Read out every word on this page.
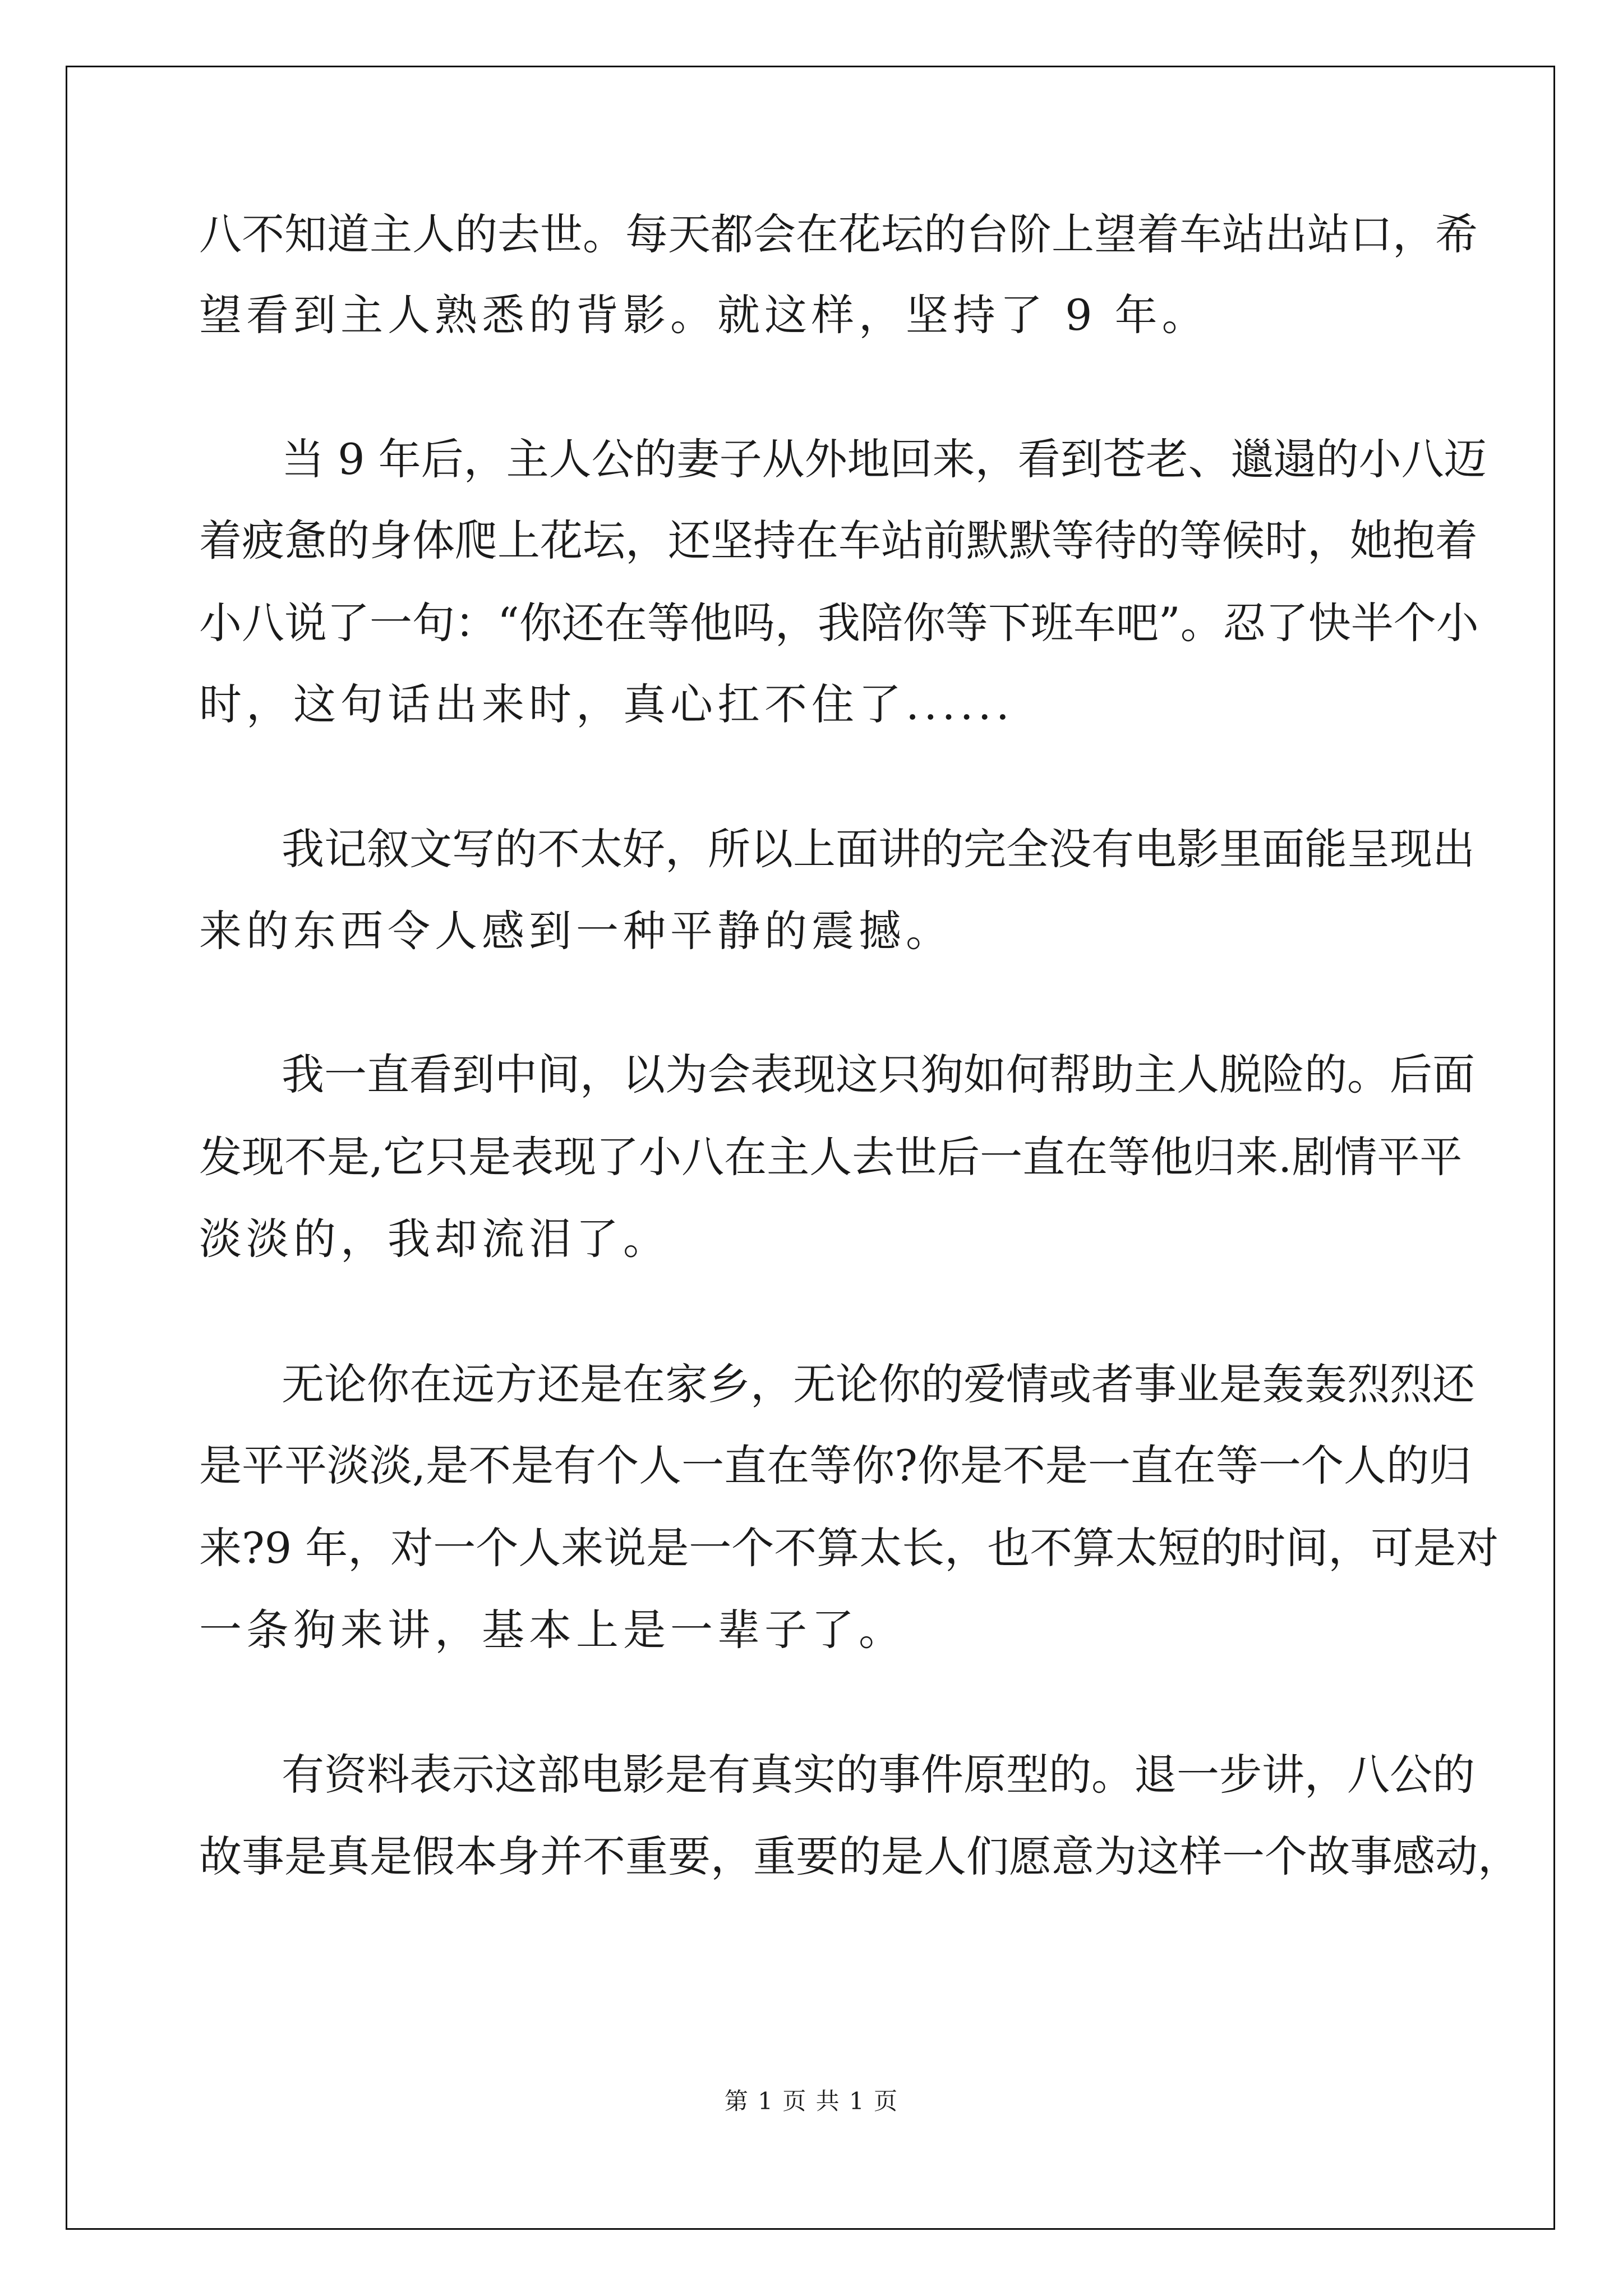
八不知道主人的去世。每天都会在花坛的台阶上望着车站出站口，希
望看到主人熟悉的背影。就这样，坚持了 9 年。
当 9 年后，主人公的妻子从外地回来，看到苍老、邋遢的小八迈
着疲惫的身体爬上花坛，还坚持在车站前默默等待的等候时，她抱着
小八说了一句：“你还在等他吗，我陪你等下班车吧”。忍了快半个小
时，这句话出来时，真心扛不住了......
我记叙文写的不太好，所以上面讲的完全没有电影里面能呈现出
来的东西令人感到一种平静的震撼。
我一直看到中间，以为会表现这只狗如何帮助主人脱险的。后面
发现不是,它只是表现了小八在主人去世后一直在等他归来.剧情平平
淡淡的，我却流泪了。
无论你在远方还是在家乡，无论你的爱情或者事业是轰轰烈烈还
是平平淡淡,是不是有个人一直在等你?你是不是一直在等一个人的归
来?9 年，对一个人来说是一个不算太长，也不算太短的时间，可是对
一条狗来讲，基本上是一辈子了。
有资料表示这部电影是有真实的事件原型的。退一步讲，八公的
故事是真是假本身并不重要，重要的是人们愿意为这样一个故事感动，
第 1 页 共 1 页
